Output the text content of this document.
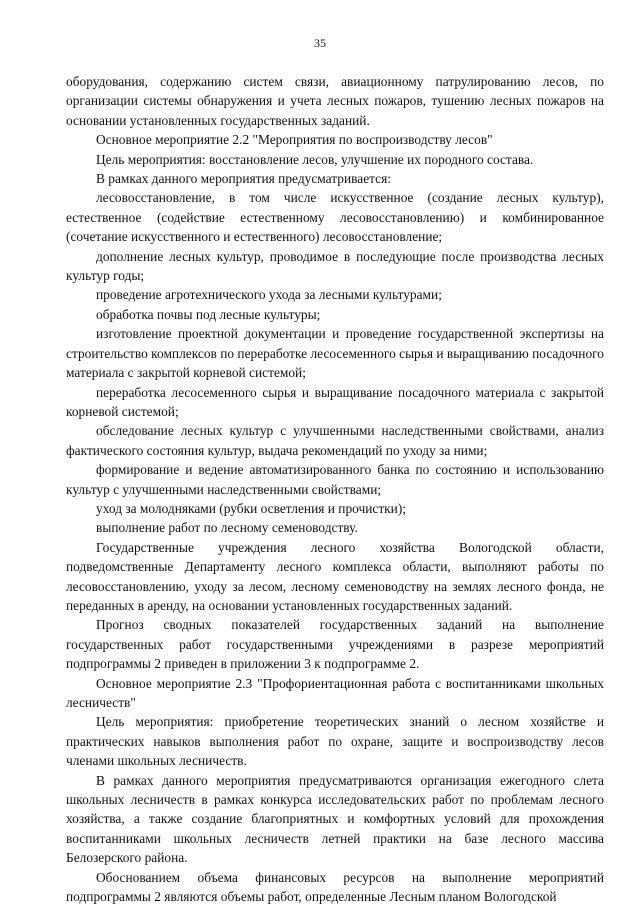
35

оборудования, содержанию систем связи, авиационному патрулированию лесов, по организации системы обнаружения и учета лесных пожаров, тушению лесных пожаров на основании установленных государственных заданий.

Основное мероприятие 2.2 "Мероприятия по воспроизводству лесов"

Цель мероприятия: восстановление лесов, улучшение их породного состава.

В рамках данного мероприятия предусматривается:

лесовосстановление, в том числе искусственное (создание лесных культур), естественное (содействие естественному лесовосстановлению) и комбинированное (сочетание искусственного и естественного) лесовосстановление;

дополнение лесных культур, проводимое в последующие после производства лесных культур годы;

проведение агротехнического ухода за лесными культурами;

обработка почвы под лесные культуры;

изготовление проектной документации и проведение государственной экспертизы на строительство комплексов по переработке лесосеменного сырья и выращиванию посадочного материала с закрытой корневой системой;

переработка лесосеменного сырья и выращивание посадочного материала с закрытой корневой системой;

обследование лесных культур с улучшенными наследственными свойствами, анализ фактического состояния культур, выдача рекомендаций по уходу за ними;

формирование и ведение автоматизированного банка по состоянию и использованию культур с улучшенными наследственными свойствами;

уход за молодняками (рубки осветления и прочистки);

выполнение работ по лесному семеноводству.

Государственные учреждения лесного хозяйства Вологодской области, подведомственные Департаменту лесного комплекса области, выполняют работы по лесовосстановлению, уходу за лесом, лесному семеноводству на землях лесного фонда, не переданных в аренду, на основании установленных государственных заданий.

Прогноз сводных показателей государственных заданий на выполнение государственных работ государственными учреждениями в разрезе мероприятий подпрограммы 2 приведен в приложении 3 к подпрограмме 2.

Основное мероприятие 2.3 "Профориентационная работа с воспитанниками школьных лесничеств"

Цель мероприятия: приобретение теоретических знаний о лесном хозяйстве и практических навыков выполнения работ по охране, защите и воспроизводству лесов членами школьных лесничеств.

В рамках данного мероприятия предусматриваются организация ежегодного слета школьных лесничеств в рамках конкурса исследовательских работ по проблемам лесного хозяйства, а также создание благоприятных и комфортных условий для прохождения воспитанниками школьных лесничеств летней практики на базе лесного массива Белозерского района.

Обоснованием объема финансовых ресурсов на выполнение мероприятий подпрограммы 2 являются объемы работ, определенные Лесным планом Вологодской
